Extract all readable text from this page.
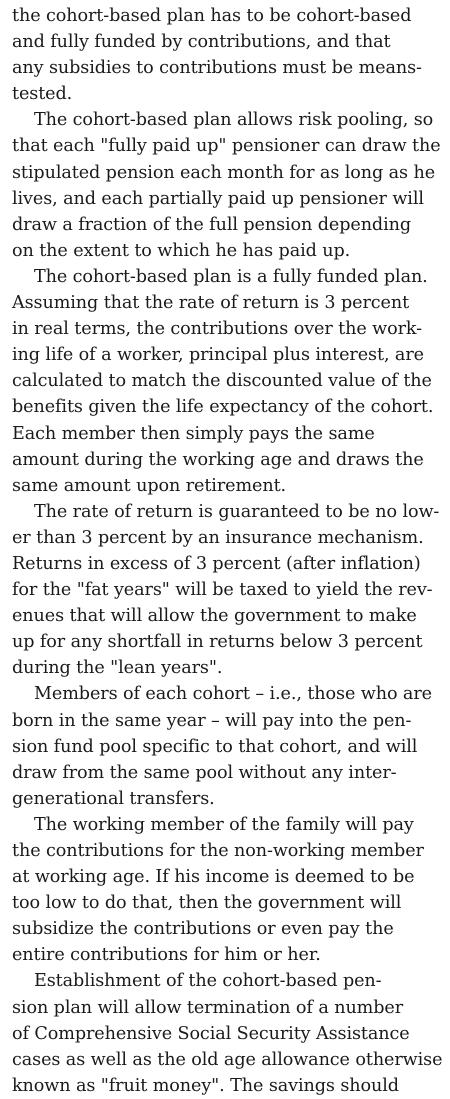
the cohort-based plan has to be cohort-based
and fully funded by contributions, and that
any subsidies to contributions must be means-
tested.
The cohort-based plan allows risk pooling, so
that each "fully paid up" pensioner can draw the
stipulated pension each month for as long as he
lives, and each partially paid up pensioner will
draw a fraction of the full pension depending
on the extent to which he has paid up.
The cohort-based plan is a fully funded plan.
Assuming that the rate of return is 3 percent
in real terms, the contributions over the work-
ing life of a worker, principal plus interest, are
calculated to match the discounted value of the
benefits given the life expectancy of the cohort.
Each member then simply pays the same
amount during the working age and draws the
same amount upon retirement.
The rate of return is guaranteed to be no low-
er than 3 percent by an insurance mechanism.
Returns in excess of 3 percent (after inflation)
for the "fat years" will be taxed to yield the rev-
enues that will allow the government to make
up for any shortfall in returns below 3 percent
during the "lean years".
Members of each cohort – i.e., those who are
born in the same year – will pay into the pen-
sion fund pool specific to that cohort, and will
draw from the same pool without any inter-
generational transfers.
The working member of the family will pay
the contributions for the non-working member
at working age. If his income is deemed to be
too low to do that, then the government will
subsidize the contributions or even pay the
entire contributions for him or her.
Establishment of the cohort-based pen-
sion plan will allow termination of a number
of Comprehensive Social Security Assistance
cases as well as the old age allowance otherwise
known as "fruit money". The savings should
